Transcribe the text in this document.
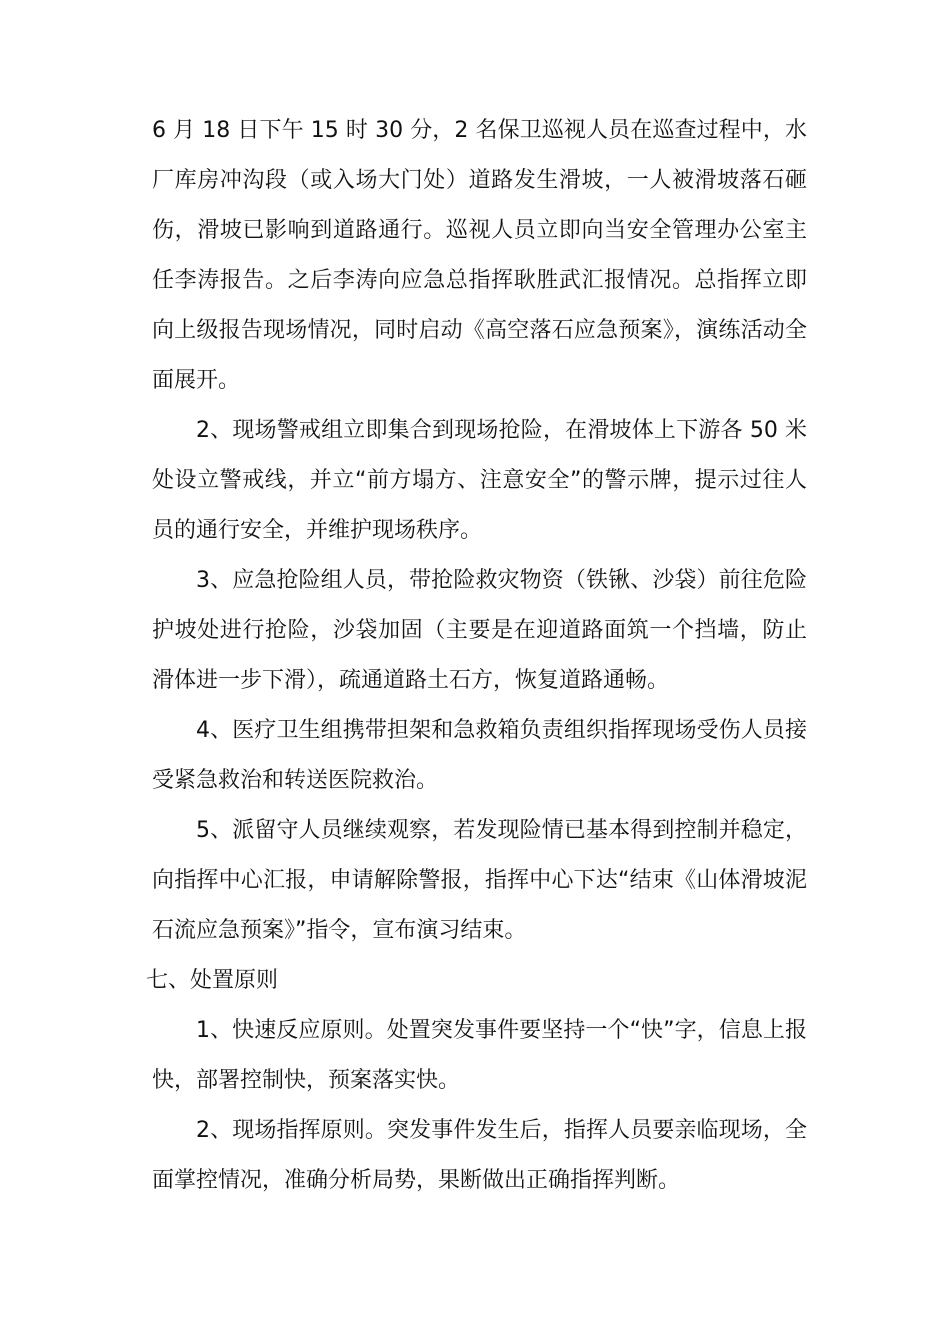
6 月 18 日下午 15 时 30 分，2 名保卫巡视人员在巡查过程中，水厂库房冲沟段（或入场大门处）道路发生滑坡，一人被滑坡落石砸伤，滑坡已影响到道路通行。巡视人员立即向当安全管理办公室主任李涛报告。之后李涛向应急总指挥耿胜武汇报情况。总指挥立即向上级报告现场情况，同时启动《高空落石应急预案》，演练活动全面展开。

2、现场警戒组立即集合到现场抢险，在滑坡体上下游各 50 米处设立警戒线，并立“前方塌方、注意安全”的警示牌，提示过往人员的通行安全，并维护现场秩序。

3、应急抢险组人员，带抢险救灾物资（铁锹、沙袋）前往危险护坡处进行抢险，沙袋加固（主要是在迎道路面筑一个挡墙，防止滑体进一步下滑），疏通道路土石方，恢复道路通畅。

4、医疗卫生组携带担架和急救箱负责组织指挥现场受伤人员接受紧急救治和转送医院救治。

5、派留守人员继续观察，若发现险情已基本得到控制并稳定，向指挥中心汇报，申请解除警报，指挥中心下达“结束《山体滑坡泥石流应急预案》”指令，宣布演习结束。

七、处置原则

1、快速反应原则。处置突发事件要坚持一个“快”字，信息上报快，部署控制快，预案落实快。

2、现场指挥原则。突发事件发生后，指挥人员要亲临现场，全面掌控情况，准确分析局势，果断做出正确指挥判断。
